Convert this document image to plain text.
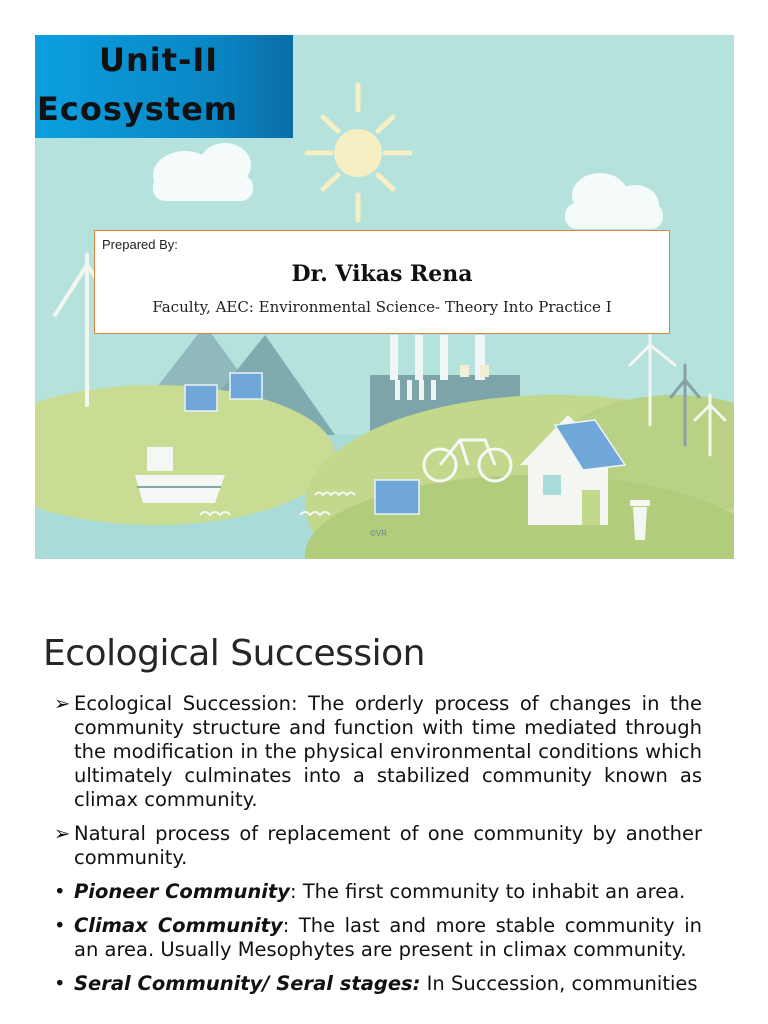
Unit-II
Ecosystem
Prepared By:
Dr. Vikas Rena
Faculty, AEC: Environmental Science- Theory Into Practice I
©VR
Ecological Succession
➢ Ecological Succession: The orderly process of changes in the community structure and function with time mediated through the modification in the physical environmental conditions which ultimately culminates into a stabilized community known as climax community.
➢ Natural process of replacement of one community by another community.
• Pioneer Community: The first community to inhabit an area.
• Climax Community: The last and more stable community in an area. Usually Mesophytes are present in climax community.
• Seral Community/ Seral stages: In Succession, communities
